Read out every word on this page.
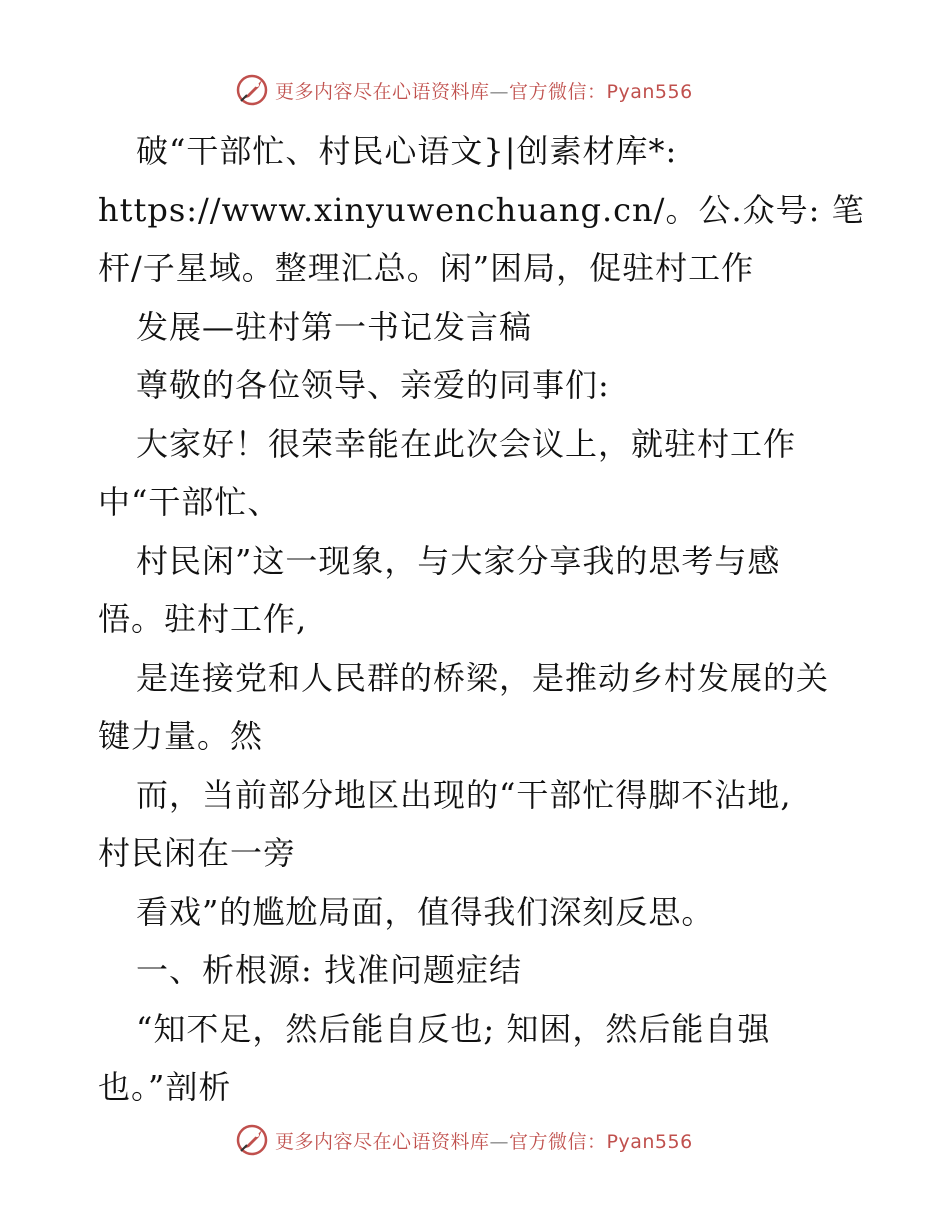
更多内容尽在心语资料库—官方微信：Pyan556
破“干部忙、村民心语文}|创素材库*:
https://www.xinyuwenchuang.cn/。公.众号: 笔
杆/子星域。整理汇总。闲”困局，促驻村工作
发展—驻村第一书记发言稿
尊敬的各位领导、亲爱的同事们:
大家好！很荣幸能在此次会议上，就驻村工作
中“干部忙、
村民闲”这一现象，与大家分享我的思考与感
悟。驻村工作,
是连接党和人民群的桥梁，是推动乡村发展的关
键力量。然
而，当前部分地区出现的“干部忙得脚不沾地,
村民闲在一旁
看戏”的尴尬局面，值得我们深刻反思。
一、析根源: 找准问题症结
“知不足，然后能自反也; 知困，然后能自强
也。”剖析
更多内容尽在心语资料库—官方微信：Pyan556
